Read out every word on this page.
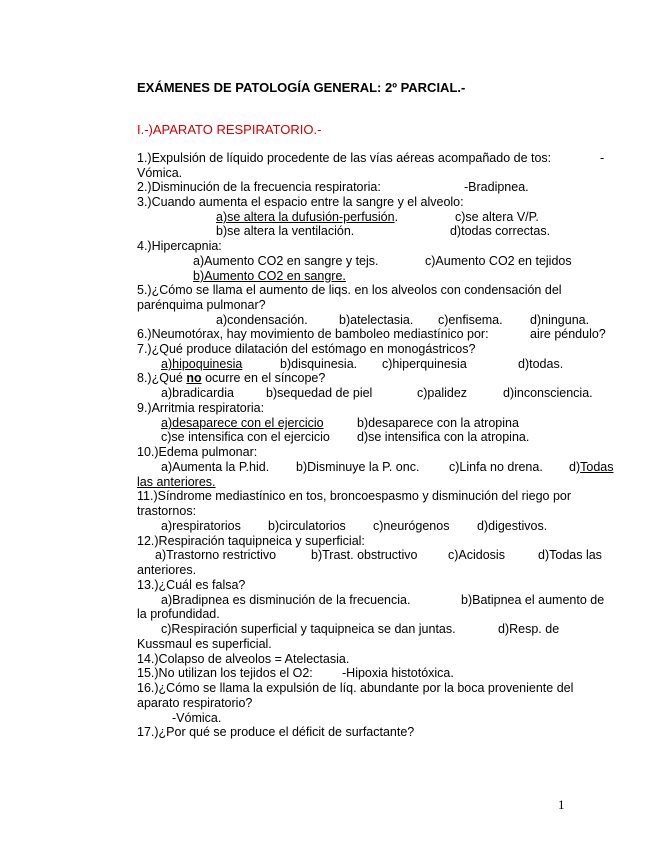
EXÁMENES DE PATOLOGÍA GENERAL: 2º PARCIAL.-
I.-)APARATO RESPIRATORIO.-
1.)Expulsión de líquido procedente de las vías aéreas acompañado de tos:	-
Vómica.
2.)Disminución de la frecuencia respiratoria:	-Bradipnea.
3.)Cuando aumenta el espacio entre la sangre y el alveolo:
a)se altera la dufusión-perfusión.	c)se altera V/P.
b)se altera la ventilación.	d)todas correctas.
4.)Hipercapnia:
a)Aumento CO2 en sangre y tejs.	c)Aumento CO2 en tejidos
b)Aumento CO2 en sangre.
5.)¿Cómo se llama el aumento de liqs. en los alveolos con condensación del
parénquima pulmonar?
a)condensación.	b)atelectasia. c)enfisema. d)ninguna.
6.)Neumotórax, hay movimiento de bamboleo mediastínico por:	aire péndulo?
7.)¿Qué produce dilatación del estómago en monogástricos?
a)hipoquinesia	b)disquinesia. c)hiperquinesia	d)todas.
8.)¿Qué no ocurre en el síncope?
a)bradicardia	b)sequedad de piel	c)palidez	d)inconsciencia.
9.)Arritmia respiratoria:
a)desaparece con el ejercicio	b)desaparece con la atropina
c)se intensifica con el ejercicio d)se intensifica con la atropina.
10.)Edema pulmonar:
a)Aumenta la P.hid. b)Disminuye la P. onc. c)Linfa no drena. d)Todas
las anteriores.
11.)Síndrome mediastínico en tos, broncoespasmo y disminución del riego por
trastornos:
a)respiratorios b)circulatorios c)neurógenos d)digestivos.
12.)Respiración taquipneica y superficial:
a)Trastorno restrictivo	b)Trast. obstructivo c)Acidosis	d)Todas las
anteriores.
13.)¿Cuál es falsa?
a)Bradipnea es disminución de la frecuencia.	b)Batipnea el aumento de
la profundidad.
c)Respiración superficial y taquipneica se dan juntas.	d)Resp. de
Kussmaul es superficial.
14.)Colapso de alveolos = Atelectasia.
15.)No utilizan los tejidos el O2: -Hipoxia histotóxica.
16.)¿Cómo se llama la expulsión de líq. abundante por la boca proveniente del
aparato respiratorio?
-Vómica.
17.)¿Por qué se produce el déficit de surfactante?
1
